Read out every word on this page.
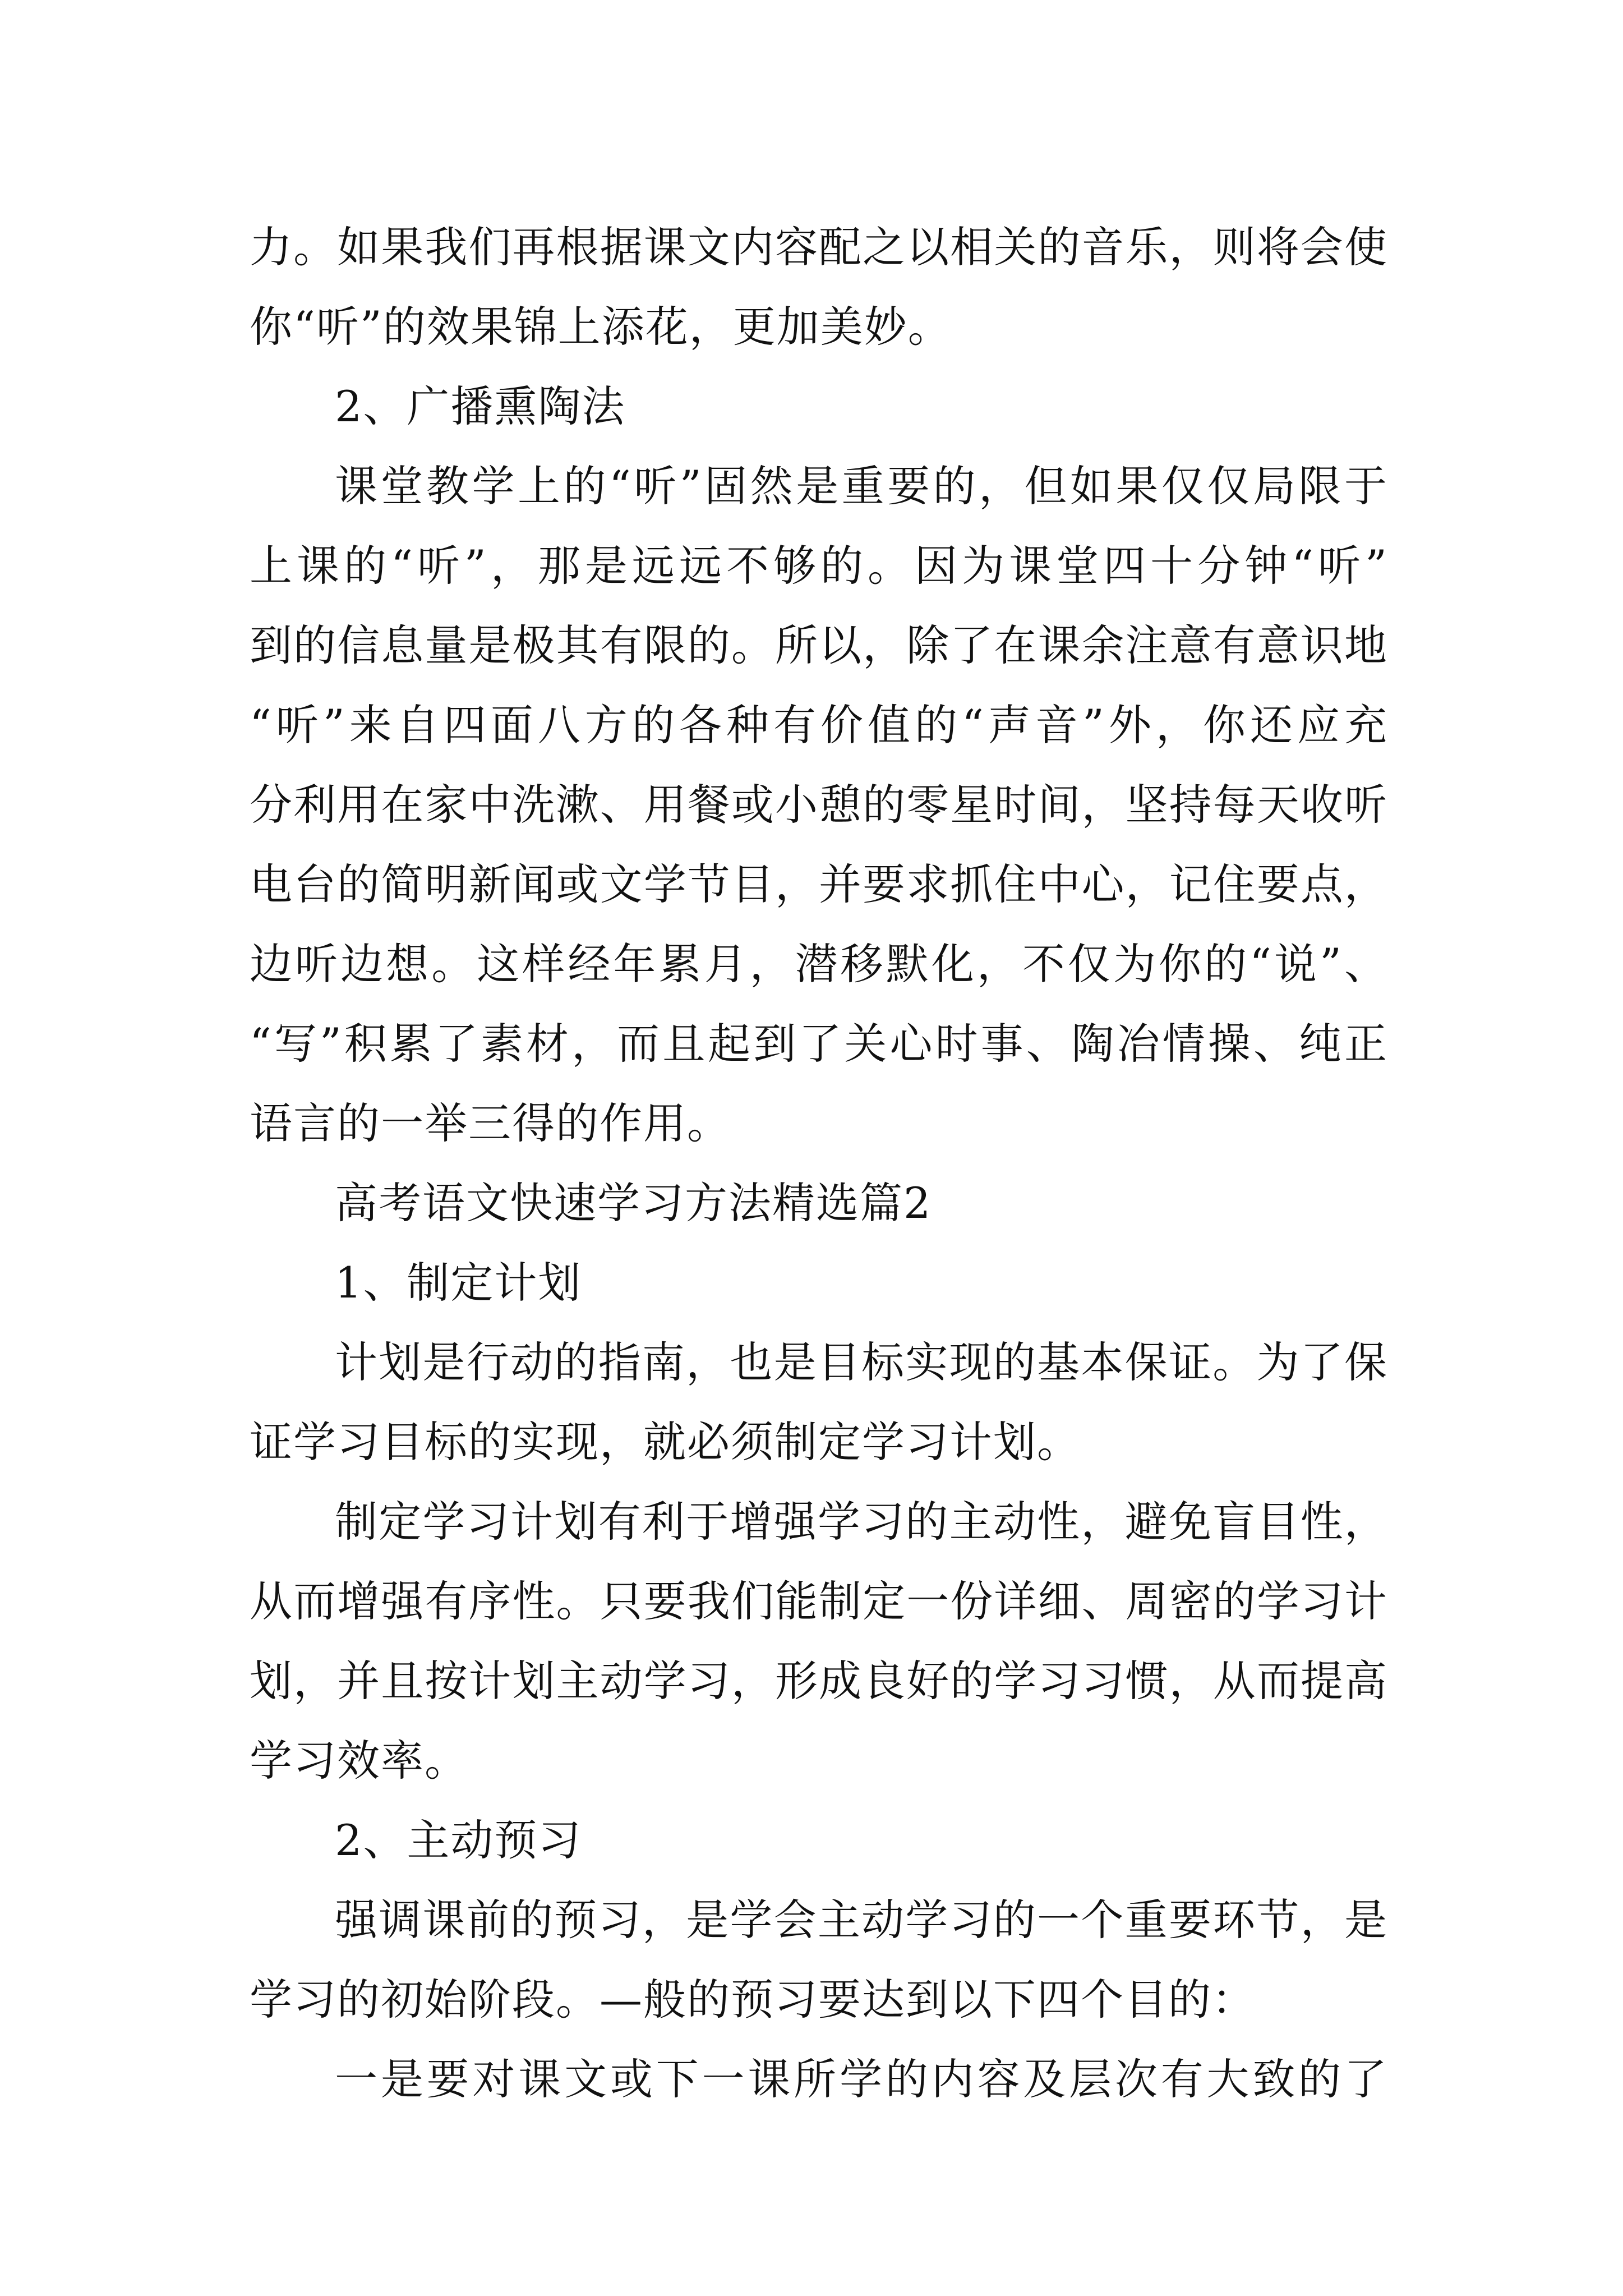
力。如果我们再根据课文内容配之以相关的音乐，则将会使
你“听”的效果锦上添花，更加美妙。
2、广播熏陶法
课堂教学上的“听”固然是重要的，但如果仅仅局限于
上课的“听”，那是远远不够的。因为课堂四十分钟“听”
到的信息量是极其有限的。所以，除了在课余注意有意识地
“听”来自四面八方的各种有价值的“声音”外，你还应充
分利用在家中洗漱、用餐或小憩的零星时间，坚持每天收听
电台的简明新闻或文学节目，并要求抓住中心，记住要点，
边听边想。这样经年累月，潜移默化，不仅为你的“说”、
“写”积累了素材，而且起到了关心时事、陶冶情操、纯正
语言的一举三得的作用。
高考语文快速学习方法精选篇2
1、制定计划
计划是行动的指南，也是目标实现的基本保证。为了保
证学习目标的实现，就必须制定学习计划。
制定学习计划有利于增强学习的主动性，避免盲目性，
从而增强有序性。只要我们能制定一份详细、周密的学习计
划，并且按计划主动学习，形成良好的学习习惯，从而提高
学习效率。
2、主动预习
强调课前的预习，是学会主动学习的一个重要环节，是
学习的初始阶段。—般的预习要达到以下四个目的：
一是要对课文或下一课所学的内容及层次有大致的了
